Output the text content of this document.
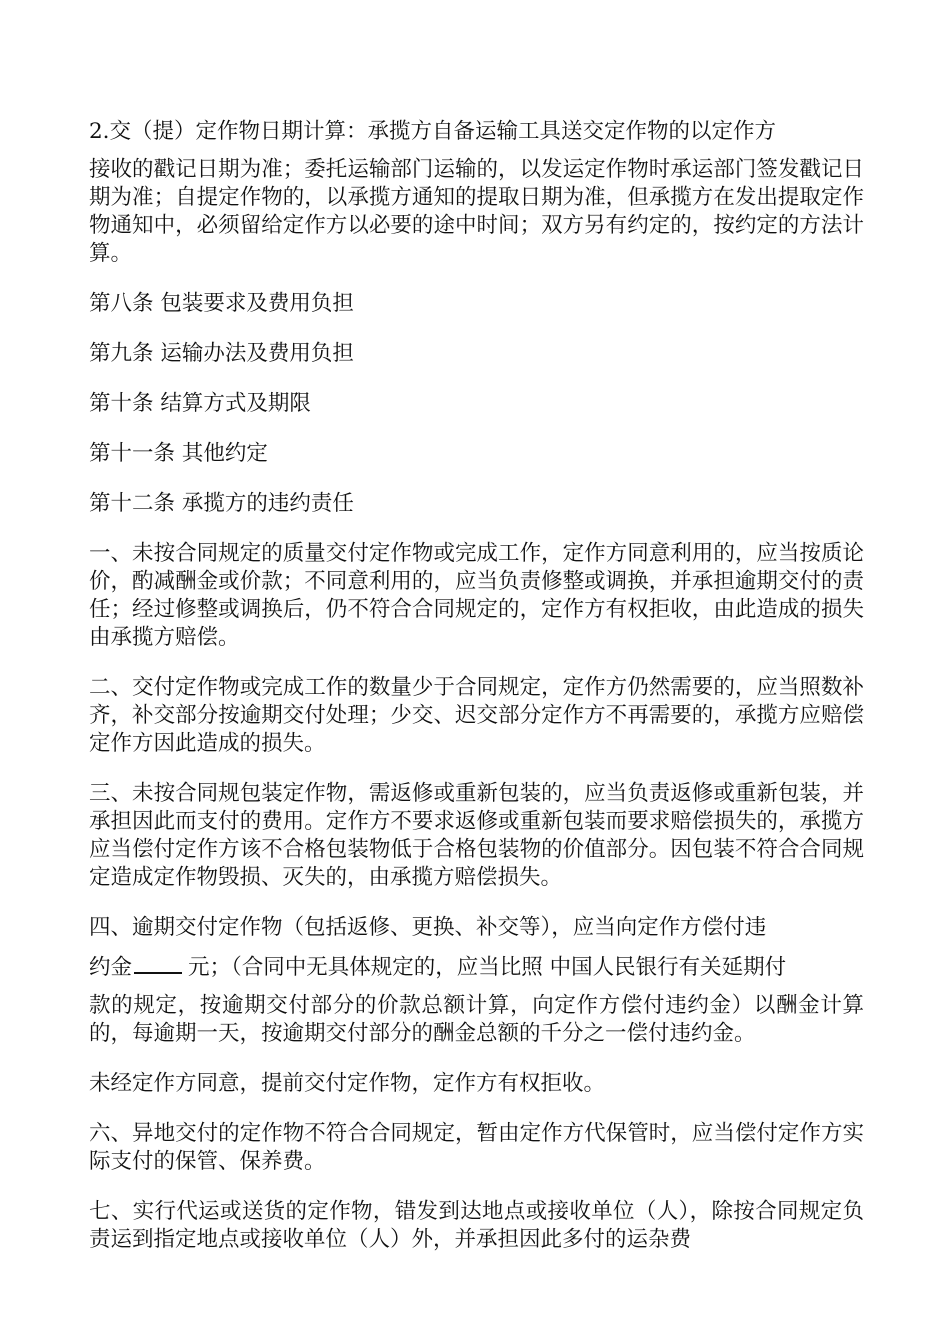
2.交（提）定作物日期计算：承揽方自备运输工具送交定作物的以定作方
接收的戳记日期为准；委托运输部门运输的，以发运定作物时承运部门签发戳记日期为准；自提定作物的，以承揽方通知的提取日期为准，但承揽方在发出提取定作物通知中，必须留给定作方以必要的途中时间；双方另有约定的，按约定的方法计算。

第八条 包装要求及费用负担

第九条 运输办法及费用负担

第十条 结算方式及期限

第十一条 其他约定

第十二条 承揽方的违约责任

一、未按合同规定的质量交付定作物或完成工作，定作方同意利用的，应当按质论价，酌减酬金或价款；不同意利用的，应当负责修整或调换，并承担逾期交付的责任；经过修整或调换后，仍不符合合同规定的，定作方有权拒收，由此造成的损失由承揽方赔偿。

二、交付定作物或完成工作的数量少于合同规定，定作方仍然需要的，应当照数补齐，补交部分按逾期交付处理；少交、迟交部分定作方不再需要的，承揽方应赔偿定作方因此造成的损失。

三、未按合同规包装定作物，需返修或重新包装的，应当负责返修或重新包装，并承担因此而支付的费用。定作方不要求返修或重新包装而要求赔偿损失的，承揽方应当偿付定作方该不合格包装物低于合格包装物的价值部分。因包装不符合合同规定造成定作物毁损、灭失的，由承揽方赔偿损失。

四、逾期交付定作物（包括返修、更换、补交等），应当向定作方偿付违
约金	元；（合同中无具体规定的，应当比照 中国人民银行有关延期付
款的规定，按逾期交付部分的价款总额计算，向定作方偿付违约金）以酬金计算的，每逾期一天，按逾期交付部分的酬金总额的千分之一偿付违约金。

未经定作方同意，提前交付定作物，定作方有权拒收。

六、异地交付的定作物不符合合同规定，暂由定作方代保管时，应当偿付定作方实际支付的保管、保养费。

七、实行代运或送货的定作物，错发到达地点或接收单位（人），除按合同规定负责运到指定地点或接收单位（人）外，并承担因此多付的运杂费
